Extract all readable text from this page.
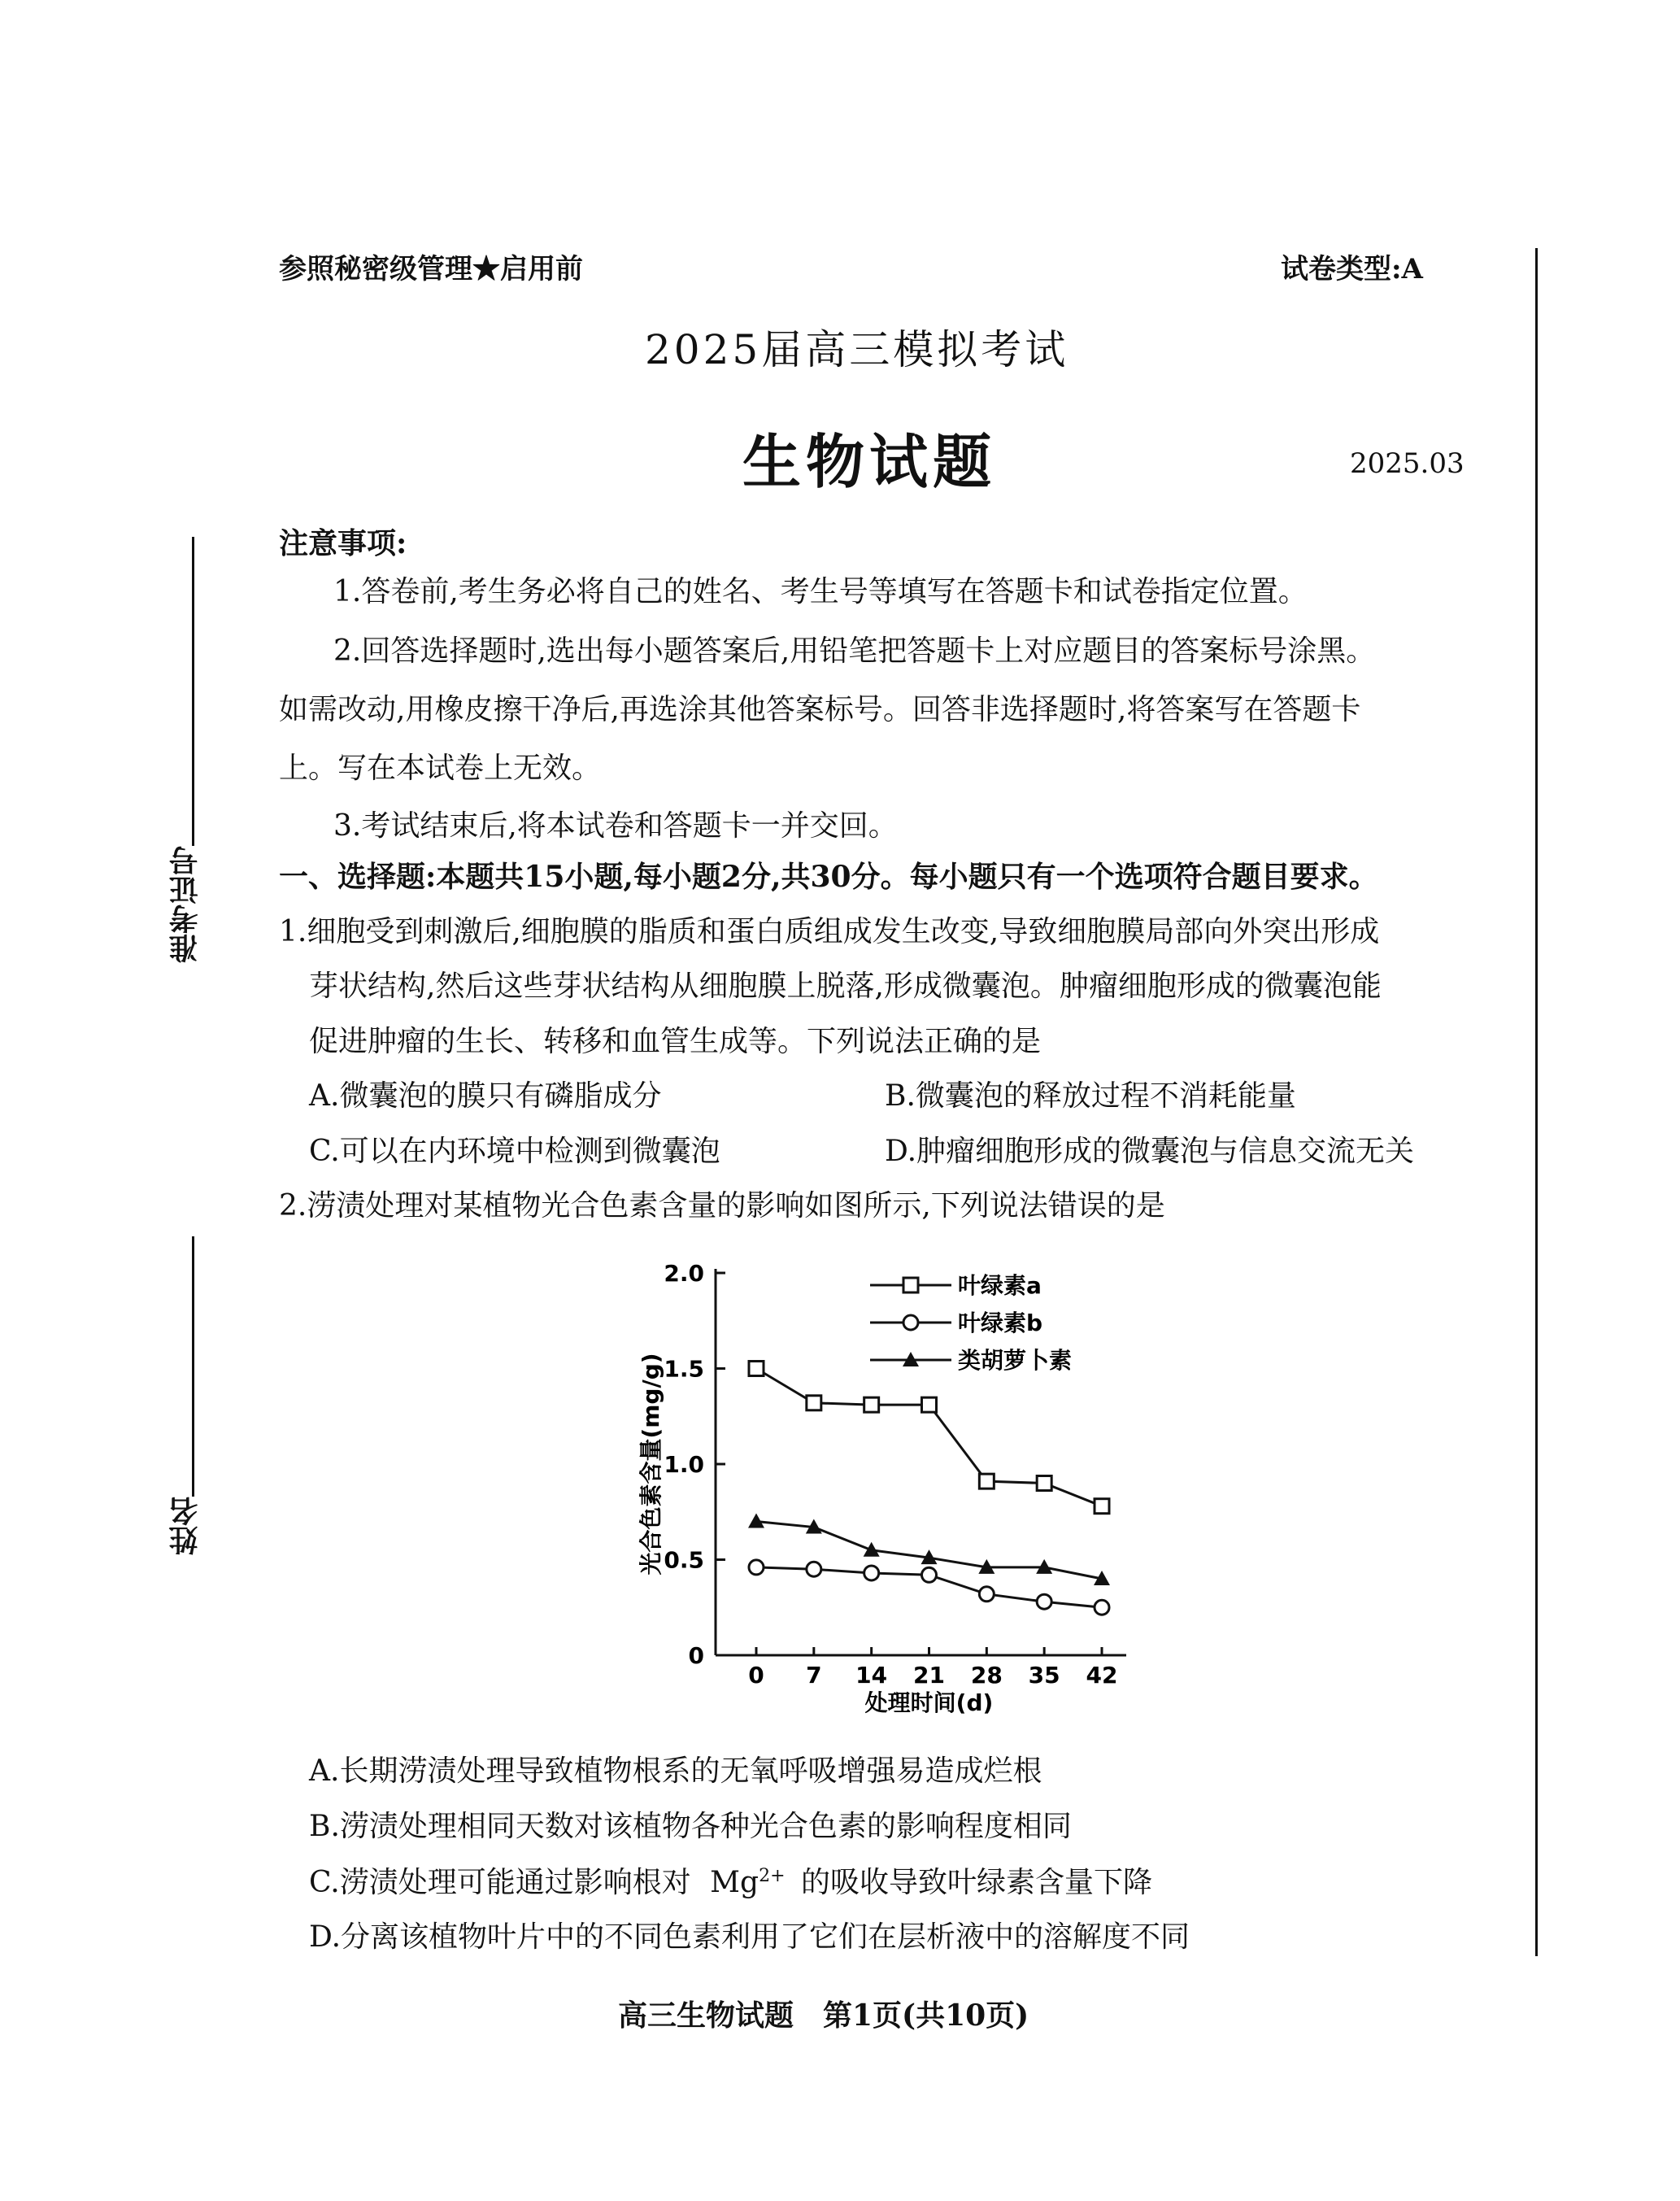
参照秘密级管理★启用前	试卷类型:A
2025届高三模拟考试
生物试题	2025.03
准考证号
姓名
注意事项:
1.答卷前,考生务必将自己的姓名、考生号等填写在答题卡和试卷指定位置。
2.回答选择题时,选出每小题答案后,用铅笔把答题卡上对应题目的答案标号涂黑。
如需改动,用橡皮擦干净后,再选涂其他答案标号。回答非选择题时,将答案写在答题卡
上。写在本试卷上无效。
3.考试结束后,将本试卷和答题卡一并交回。
一、选择题:本题共15小题,每小题2分,共30分。每小题只有一个选项符合题目要求。
1.细胞受到刺激后,细胞膜的脂质和蛋白质组成发生改变,导致细胞膜局部向外突出形成
芽状结构,然后这些芽状结构从细胞膜上脱落,形成微囊泡。肿瘤细胞形成的微囊泡能
促进肿瘤的生长、转移和血管生成等。下列说法正确的是
A.微囊泡的膜只有磷脂成分	B.微囊泡的释放过程不消耗能量
C.可以在内环境中检测到微囊泡	D.肿瘤细胞形成的微囊泡与信息交流无关
2.涝渍处理对某植物光合色素含量的影响如图所示,下列说法错误的是
0
0.5
1.0
1.5
2.0
0 7 14 21 28 35 42
处理时间(d)
光合色素含量(mg/g)
叶绿素a
叶绿素b
类胡萝卜素
A.长期涝渍处理导致植物根系的无氧呼吸增强易造成烂根
B.涝渍处理相同天数对该植物各种光合色素的影响程度相同
C.涝渍处理可能通过影响根对 $Mg^{2+}$ 的吸收导致叶绿素含量下降
D.分离该植物叶片中的不同色素利用了它们在层析液中的溶解度不同
高三生物试题　第1页(共10页)
